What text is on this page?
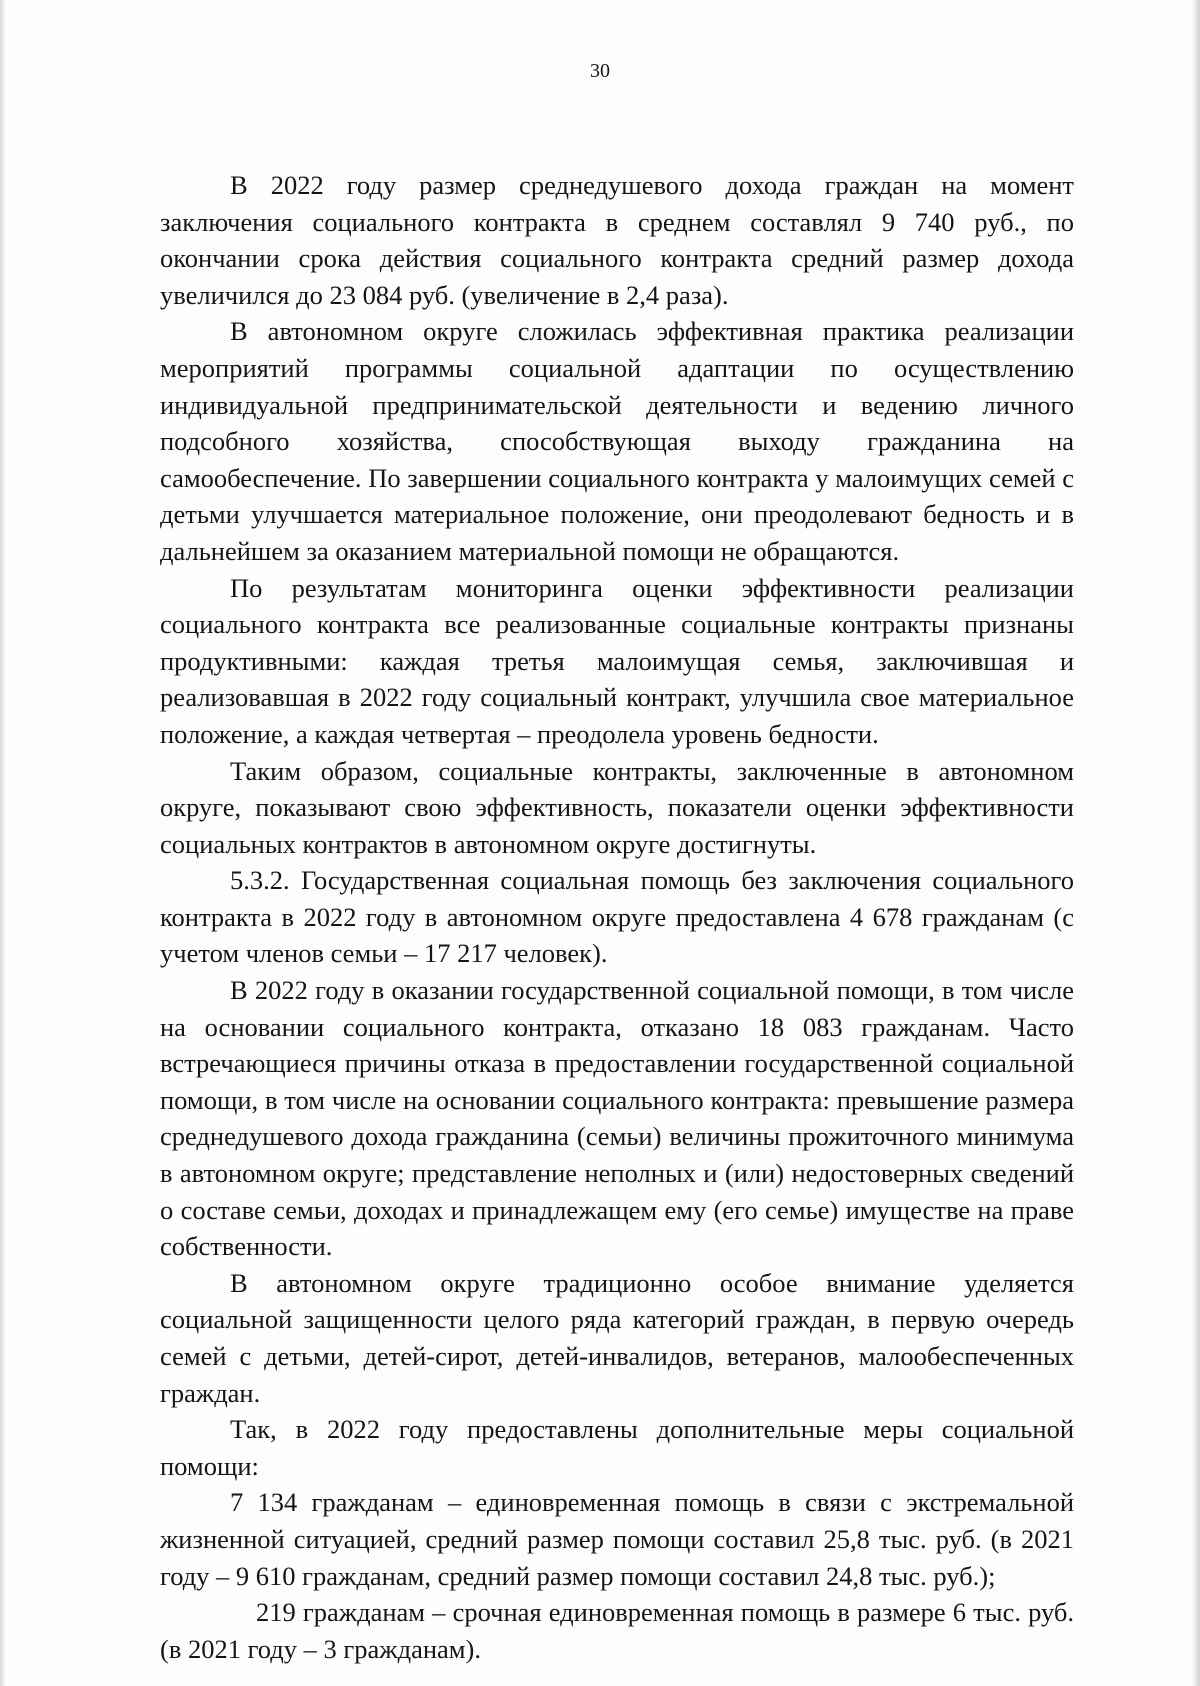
30

В 2022 году размер среднедушевого дохода граждан на момент заключения социального контракта в среднем составлял 9 740 руб., по окончании срока действия социального контракта средний размер дохода увеличился до 23 084 руб. (увеличение в 2,4 раза).

В автономном округе сложилась эффективная практика реализации мероприятий программы социальной адаптации по осуществлению индивидуальной предпринимательской деятельности и ведению личного подсобного хозяйства, способствующая выходу гражданина на самообеспечение. По завершении социального контракта у малоимущих семей с детьми улучшается материальное положение, они преодолевают бедность и в дальнейшем за оказанием материальной помощи не обращаются.

По результатам мониторинга оценки эффективности реализации социального контракта все реализованные социальные контракты признаны продуктивными: каждая третья малоимущая семья, заключившая и реализовавшая в 2022 году социальный контракт, улучшила свое материальное положение, а каждая четвертая – преодолела уровень бедности.

Таким образом, социальные контракты, заключенные в автономном округе, показывают свою эффективность, показатели оценки эффективности социальных контрактов в автономном округе достигнуты.

5.3.2. Государственная социальная помощь без заключения социального контракта в 2022 году в автономном округе предоставлена 4 678 гражданам (с учетом членов семьи – 17 217 человек).

В 2022 году в оказании государственной социальной помощи, в том числе на основании социального контракта, отказано 18 083 гражданам. Часто встречающиеся причины отказа в предоставлении государственной социальной помощи, в том числе на основании социального контракта: превышение размера среднедушевого дохода гражданина (семьи) величины прожиточного минимума в автономном округе; представление неполных и (или) недостоверных сведений о составе семьи, доходах и принадлежащем ему (его семье) имуществе на праве собственности.

В автономном округе традиционно особое внимание уделяется социальной защищенности целого ряда категорий граждан, в первую очередь семей с детьми, детей-сирот, детей-инвалидов, ветеранов, малообеспеченных граждан.

Так, в 2022 году предоставлены дополнительные меры социальной помощи:

7 134 гражданам – единовременная помощь в связи с экстремальной жизненной ситуацией, средний размер помощи составил 25,8 тыс. руб. (в 2021 году – 9 610 гражданам, средний размер помощи составил 24,8 тыс. руб.);

219 гражданам – срочная единовременная помощь в размере 6 тыс. руб. (в 2021 году – 3 гражданам).
